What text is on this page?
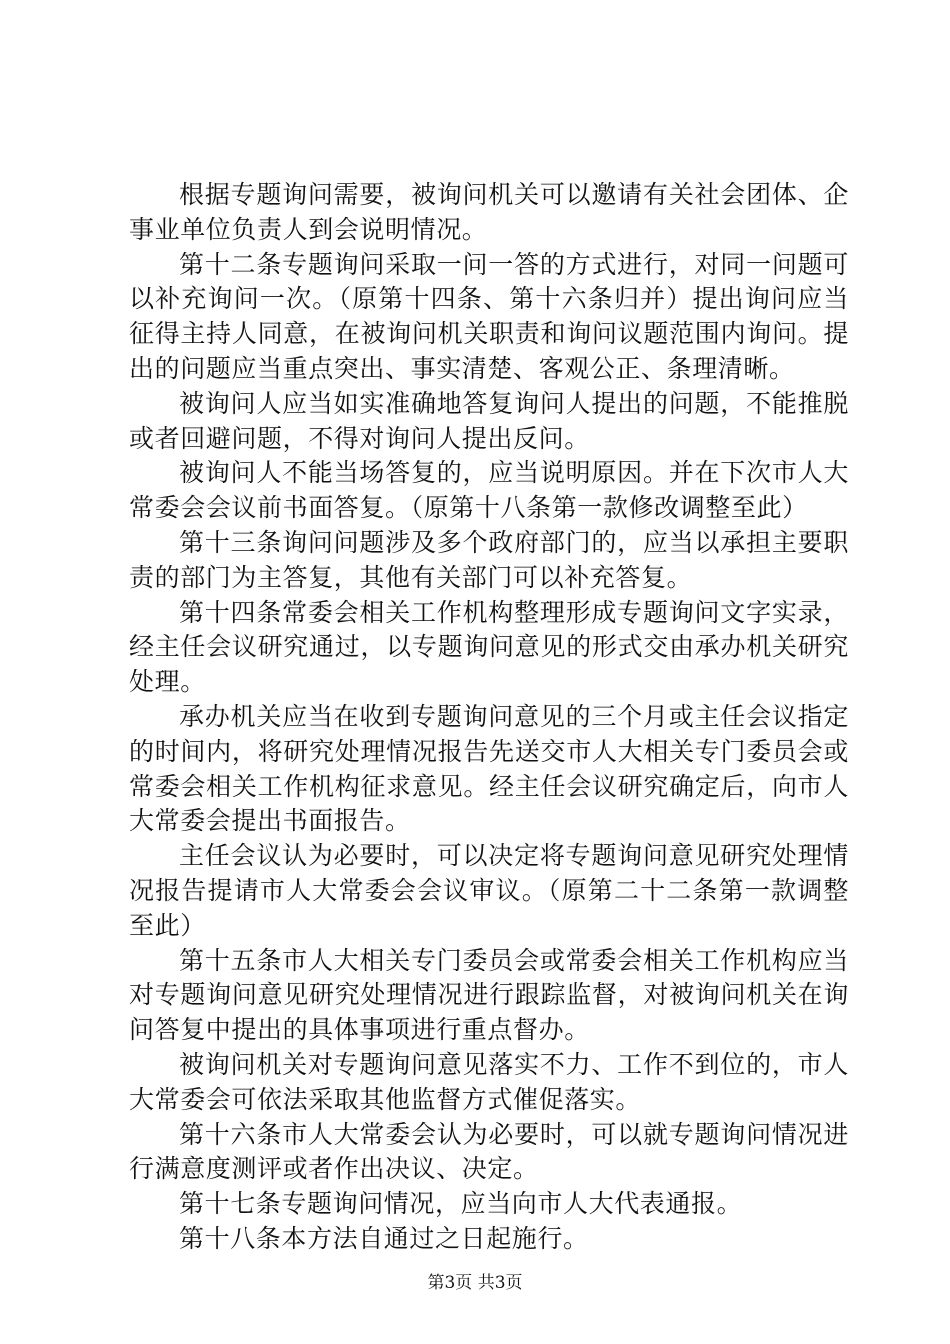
根据专题询问需要，被询问机关可以邀请有关社会团体、企事业单位负责人到会说明情况。

第十二条专题询问采取一问一答的方式进行，对同一问题可以补充询问一次。（原第十四条、第十六条归并）提出询问应当征得主持人同意，在被询问机关职责和询问议题范围内询问。提出的问题应当重点突出、事实清楚、客观公正、条理清晰。

被询问人应当如实准确地答复询问人提出的问题，不能推脱或者回避问题，不得对询问人提出反问。

被询问人不能当场答复的，应当说明原因。并在下次市人大常委会会议前书面答复。（原第十八条第一款修改调整至此）

第十三条询问问题涉及多个政府部门的，应当以承担主要职责的部门为主答复，其他有关部门可以补充答复。

第十四条常委会相关工作机构整理形成专题询问文字实录，经主任会议研究通过，以专题询问意见的形式交由承办机关研究处理。

承办机关应当在收到专题询问意见的三个月或主任会议指定的时间内，将研究处理情况报告先送交市人大相关专门委员会或常委会相关工作机构征求意见。经主任会议研究确定后，向市人大常委会提出书面报告。

主任会议认为必要时，可以决定将专题询问意见研究处理情况报告提请市人大常委会会议审议。（原第二十二条第一款调整至此）

第十五条市人大相关专门委员会或常委会相关工作机构应当对专题询问意见研究处理情况进行跟踪监督，对被询问机关在询问答复中提出的具体事项进行重点督办。

被询问机关对专题询问意见落实不力、工作不到位的，市人大常委会可依法采取其他监督方式催促落实。

第十六条市人大常委会认为必要时，可以就专题询问情况进行满意度测评或者作出决议、决定。

第十七条专题询问情况，应当向市人大代表通报。

第十八条本方法自通过之日起施行。

第3页 共3页
